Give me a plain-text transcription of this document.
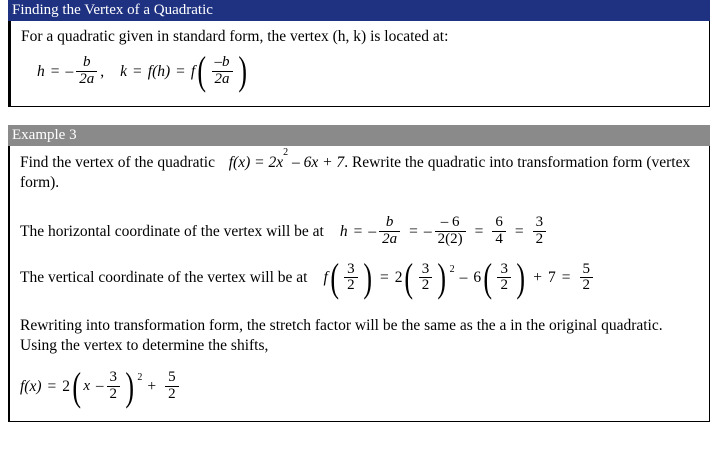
Finding the Vertex of a Quadratic
For a quadratic given in standard form, the vertex (h, k) is located at:
h = – $\frac{b}{2a}$ , k = f(h) = f ( $\frac{-b}{2a}$ )
Example 3
Find the vertex of the quadratic $f(x) = 2x^2 - 6x + 7$. Rewrite the quadratic into transformation form (vertex form).
The horizontal coordinate of the vertex will be at h = – $\frac{b}{2a}$ = – $\frac{- 6}{2(2)} = \frac{6}{4} = \frac{3}{2}$
The vertical coordinate of the vertex will be at f ( $\frac{3}{2}$ ) = 2 ( $\frac{3}{2}$ ) 2
– 6 ( $\frac{3}{2}$ ) + $7 = \frac{5}{2}$
Rewriting into transformation form, the stretch factor will be the same as the a in the original quadratic. Using the vertex to determine the shifts,
f(x) = 2 ( x – $\frac{3}{2}$ ) 2
+ $\frac{5}{2}$
